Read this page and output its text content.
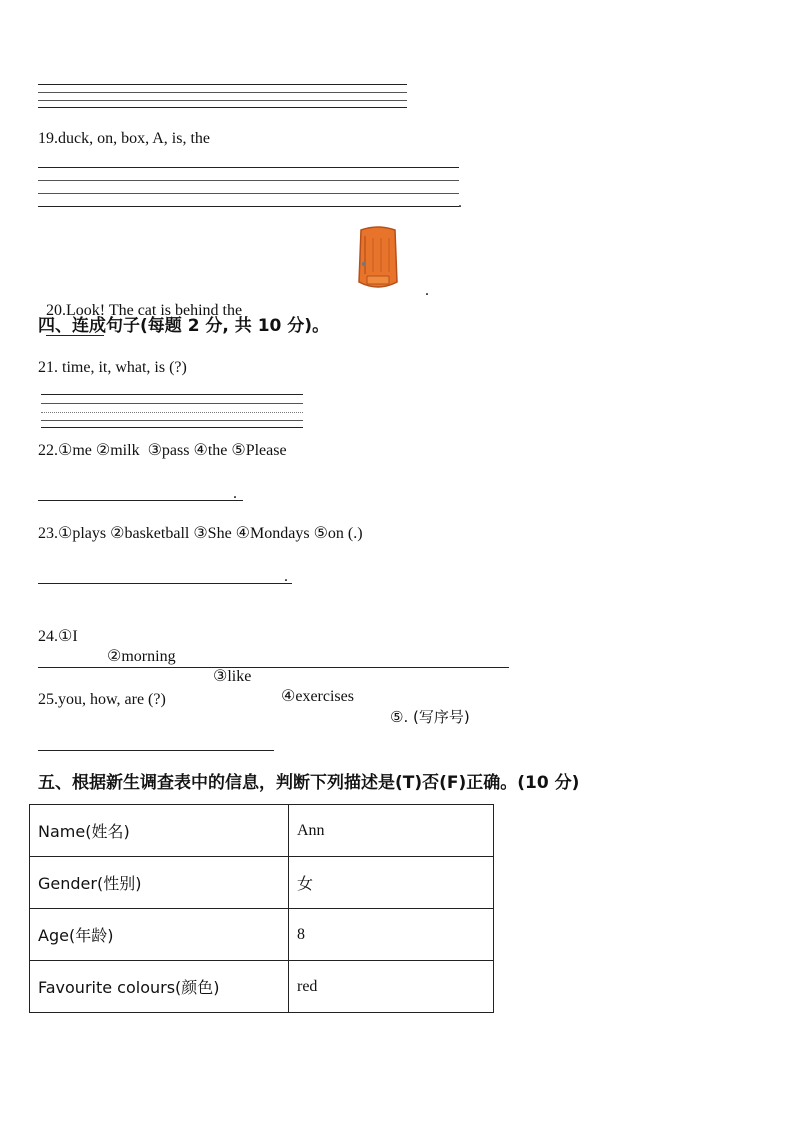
19.duck, on, box, A, is, the
.

20.Look! The cat is behind the

.
四、连成句子(每题 2 分, 共 10 分)。
21. time, it, what, is (?)
22.①me ②milk  ③pass ④the ⑤Please
.
23.①plays ②basketball ③She ④Mondays ⑤on (.)
.

24.①I

②morning

③like

④exercises

⑤. (写序号)

25.you, how, are (?)
五、根据新生调查表中的信息，判断下列描述是(T)否(F)正确。(10 分)
Name(姓名)	Ann
Gender(性别)	女
Age(年龄)	8
Favourite colours(颜色)	red
